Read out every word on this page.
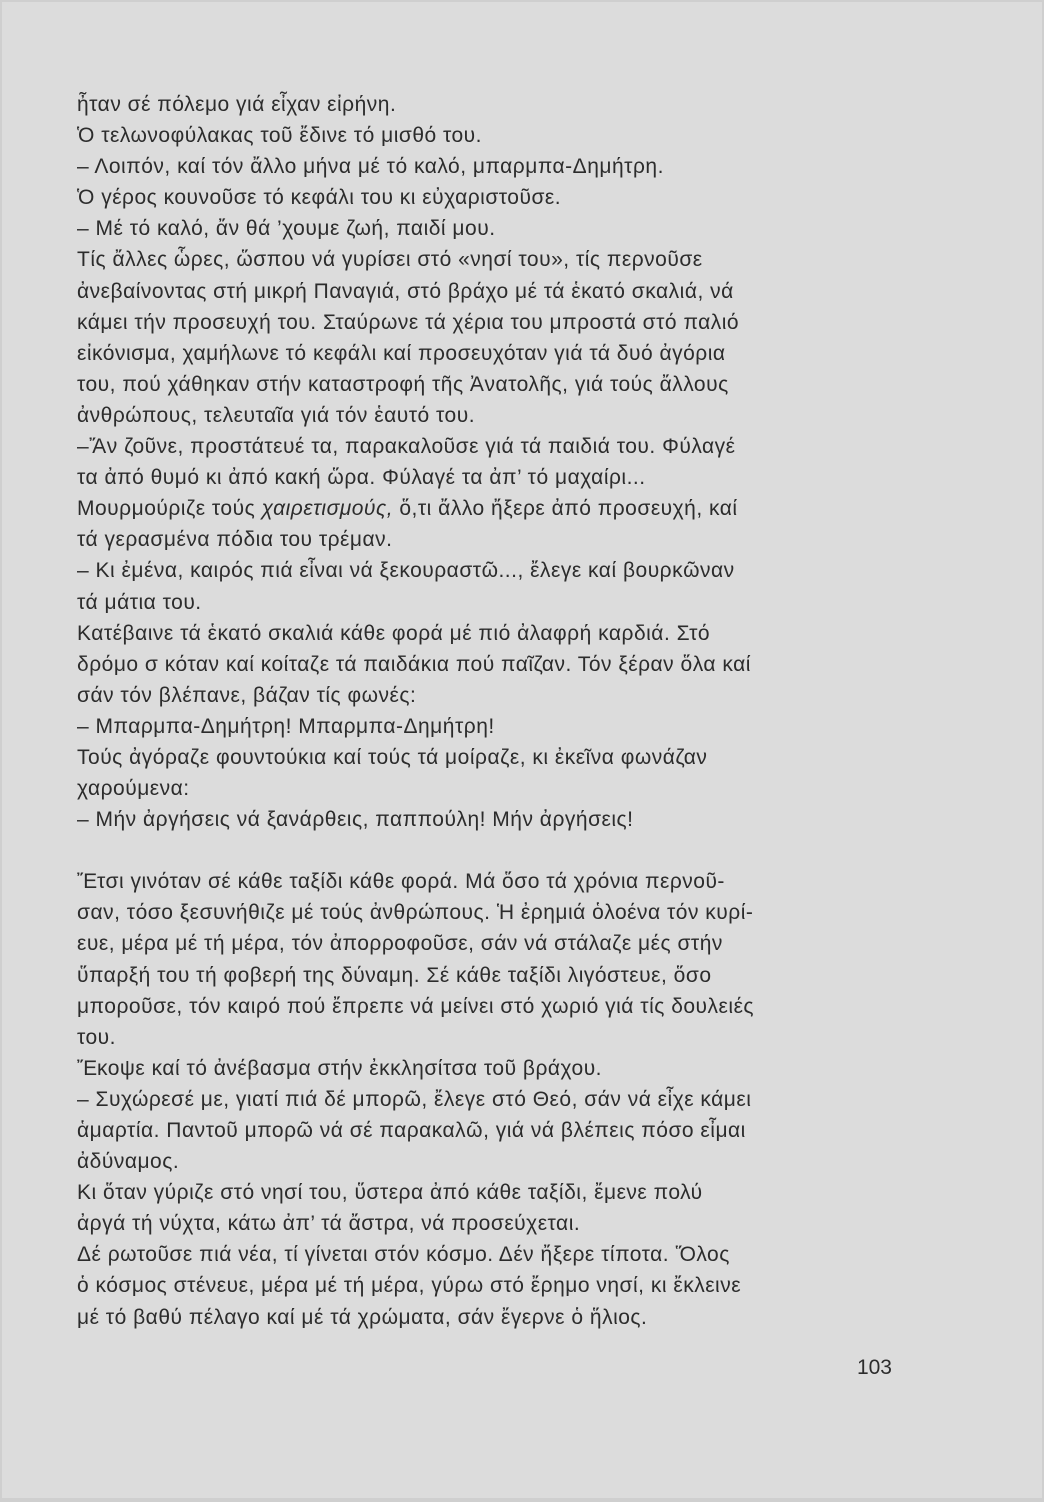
ἦταν σέ πόλεμο γιά εἶχαν εἰρήνη.
Ὁ τελωνοφύλακας τοῦ ἔδινε τό μισθό του.
– Λοιπόν, καί τόν ἄλλο μήνα μέ τό καλό, μπαρμπα-Δημήτρη.
Ὁ γέρος κουνοῦσε τό κεφάλι του κι εὐχαριστοῦσε.
– Μέ τό καλό, ἄν θά ’χουμε ζωή, παιδί μου.
Τίς ἄλλες ὧρες, ὥσπου νά γυρίσει στό «νησί του», τίς περνοῦσε
ἀνεβαίνοντας στή μικρή Παναγιά, στό βράχο μέ τά ἑκατό σκαλιά, νά
κάμει τήν προσευχή του. Σταύρωνε τά χέρια του μπροστά στό παλιό
εἰκόνισμα, χαμήλωνε τό κεφάλι καί προσευχόταν γιά τά δυό ἀγόρια
του, πού χάθηκαν στήν καταστροφή τῆς Ἀνατολῆς, γιά τούς ἄλλους
ἀνθρώπους, τελευταῖα γιά τόν ἑαυτό του.
–Ἄν ζοῦνε, προστάτευέ τα, παρακαλοῦσε γιά τά παιδιά του. Φύλαγέ
τα ἀπό θυμό κι ἀπό κακή ὥρα. Φύλαγέ τα ἀπ’ τό μαχαίρι...
Μουρμούριζε τούς χαιρετισμούς, ὅ,τι ἄλλο ἤξερε ἀπό προσευχή, καί
τά γερασμένα πόδια του τρέμαν.
– Κι ἐμένα, καιρός πιά εἶναι νά ξεκουραστῶ..., ἔλεγε καί βουρκῶναν
τά μάτια του.
Κατέβαινε τά ἑκατό σκαλιά κάθε φορά μέ πιό ἀλαφρή καρδιά. Στό
δρόμο σ κόταν καί κοίταζε τά παιδάκια πού παῖζαν. Τόν ξέραν ὅλα καί
σάν τόν βλέπανε, βάζαν τίς φωνές:
– Μπαρμπα-Δημήτρη! Μπαρμπα-Δημήτρη!
Τούς ἀγόραζε φουντούκια καί τούς τά μοίραζε, κι ἐκεῖνα φωνάζαν
χαρούμενα:
– Μήν ἀργήσεις νά ξανάρθεις, παππούλη! Μήν ἀργήσεις!
Ἔτσι γινόταν σέ κάθε ταξίδι κάθε φορά. Μά ὅσο τά χρόνια περνοῦ-
σαν, τόσο ξεσυνήθιζε μέ τούς ἀνθρώπους. Ἡ ἐρημιά ὁλοένα τόν κυρί-
ευε, μέρα μέ τή μέρα, τόν ἀπορροφοῦσε, σάν νά στάλαζε μές στήν
ὕπαρξή του τή φοβερή της δύναμη. Σέ κάθε ταξίδι λιγόστευε, ὅσο
μποροῦσε, τόν καιρό πού ἔπρεπε νά μείνει στό χωριό γιά τίς δουλειές
του.
Ἔκοψε καί τό ἀνέβασμα στήν ἐκκλησίτσα τοῦ βράχου.
– Συχώρεσέ με, γιατί πιά δέ μπορῶ, ἔλεγε στό Θεό, σάν νά εἶχε κάμει
ἁμαρτία. Παντοῦ μπορῶ νά σέ παρακαλῶ, γιά νά βλέπεις πόσο εἶμαι
ἀδύναμος.
Κι ὅταν γύριζε στό νησί του, ὕστερα ἀπό κάθε ταξίδι, ἔμενε πολύ
ἀργά τή νύχτα, κάτω ἀπ’ τά ἄστρα, νά προσεύχεται.
Δέ ρωτοῦσε πιά νέα, τί γίνεται στόν κόσμο. Δέν ἤξερε τίποτα. Ὅλος
ὁ κόσμος στένευε, μέρα μέ τή μέρα, γύρω στό ἔρημο νησί, κι ἔκλεινε
μέ τό βαθύ πέλαγο καί μέ τά χρώματα, σάν ἔγερνε ὁ ἥλιος.
103
